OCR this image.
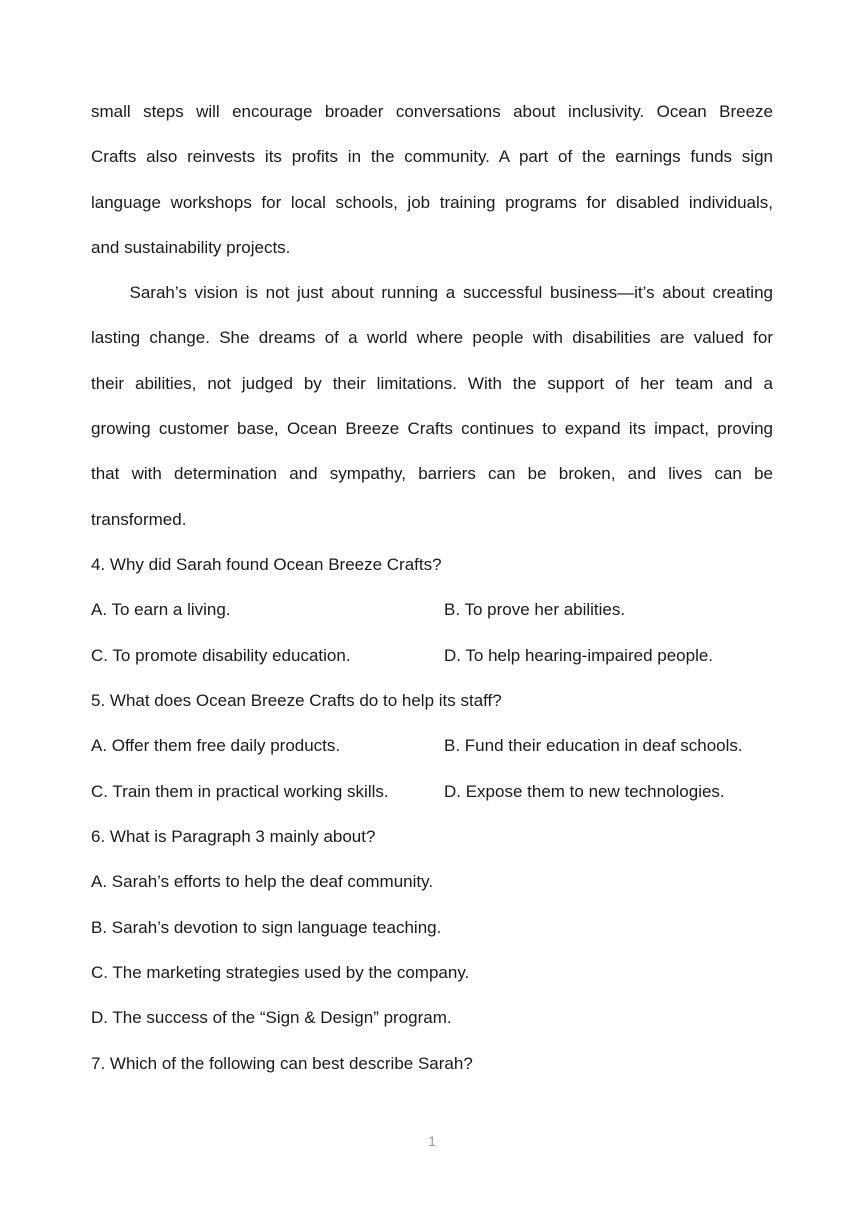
small steps will encourage broader conversations about inclusivity. Ocean Breeze
Crafts also reinvests its profits in the community. A part of the earnings funds sign
language workshops for local schools, job training programs for disabled individuals,
and sustainability projects.
Sarah’s vision is not just about running a successful business—it’s about creating
lasting change. She dreams of a world where people with disabilities are valued for
their abilities, not judged by their limitations. With the support of her team and a
growing customer base, Ocean Breeze Crafts continues to expand its impact, proving
that with determination and sympathy, barriers can be broken, and lives can be
transformed.
4. Why did Sarah found Ocean Breeze Crafts?
A. To earn a living.	B. To prove her abilities.
C. To promote disability education.	D. To help hearing-impaired people.
5. What does Ocean Breeze Crafts do to help its staff?
A. Offer them free daily products.	B. Fund their education in deaf schools.
C. Train them in practical working skills.	D. Expose them to new technologies.
6. What is Paragraph 3 mainly about?
A. Sarah’s efforts to help the deaf community.
B. Sarah’s devotion to sign language teaching.
C. The marketing strategies used by the company.
D. The success of the “Sign & Design” program.
7. Which of the following can best describe Sarah?
1
